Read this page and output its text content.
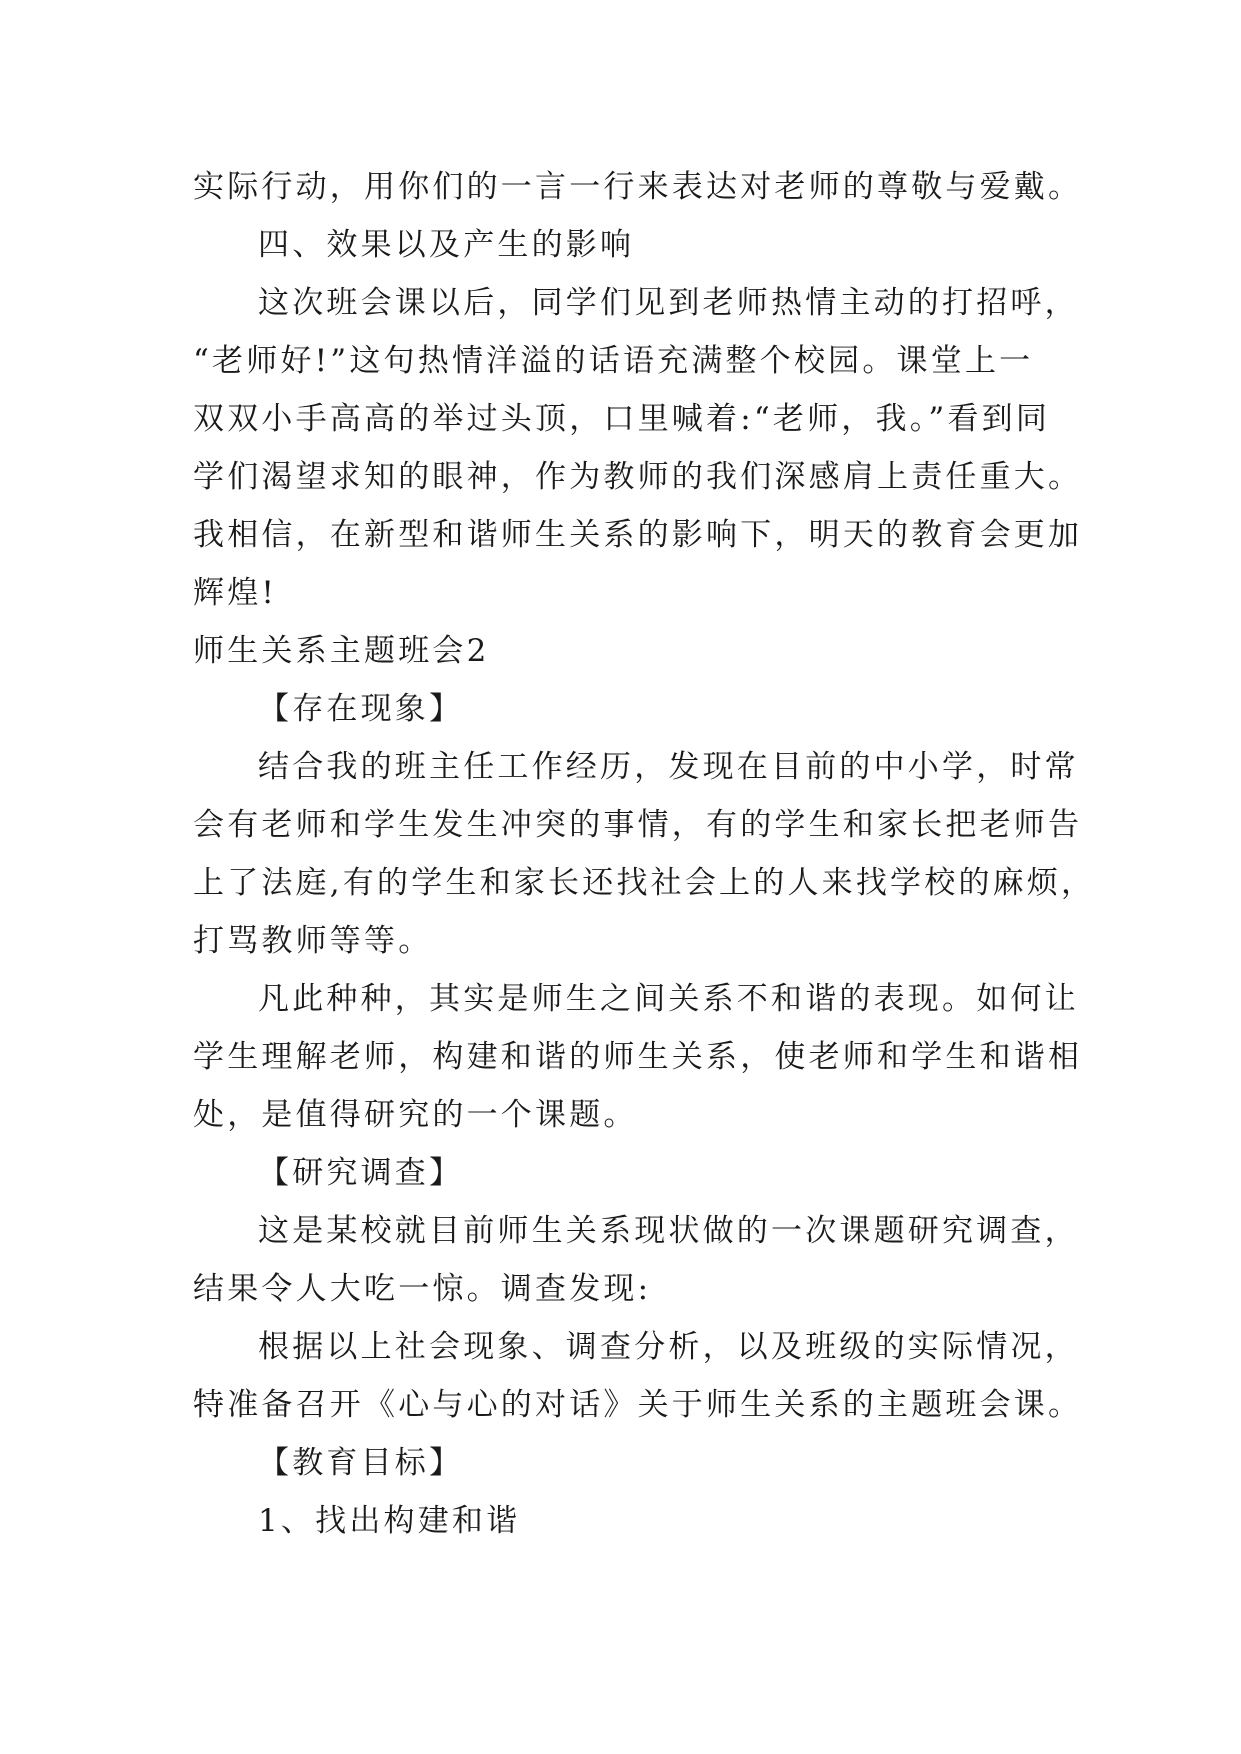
实际行动，用你们的一言一行来表达对老师的尊敬与爱戴。
四、效果以及产生的影响
这次班会课以后，同学们见到老师热情主动的打招呼，
“老师好!”这句热情洋溢的话语充满整个校园。课堂上一
双双小手高高的举过头顶，口里喊着:“老师，我。”看到同
学们渴望求知的眼神，作为教师的我们深感肩上责任重大。
我相信，在新型和谐师生关系的影响下，明天的教育会更加
辉煌!
师生关系主题班会2
【存在现象】
结合我的班主任工作经历，发现在目前的中小学，时常
会有老师和学生发生冲突的事情，有的学生和家长把老师告
上了法庭,有的学生和家长还找社会上的人来找学校的麻烦，
打骂教师等等。
凡此种种，其实是师生之间关系不和谐的表现。如何让
学生理解老师，构建和谐的师生关系，使老师和学生和谐相
处，是值得研究的一个课题。
【研究调查】
这是某校就目前师生关系现状做的一次课题研究调查，
结果令人大吃一惊。调查发现:
根据以上社会现象、调查分析，以及班级的实际情况，
特准备召开《心与心的对话》关于师生关系的主题班会课。
【教育目标】
1、找出构建和谐
